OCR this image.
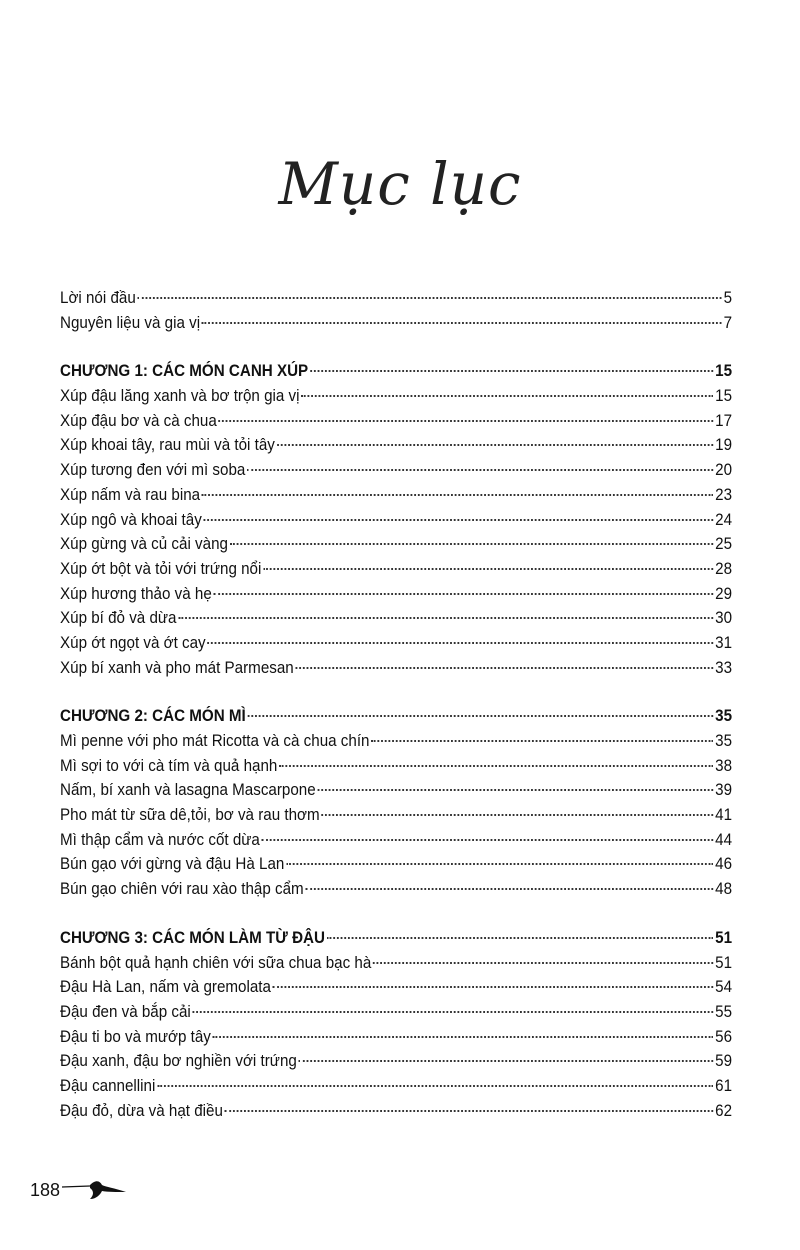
Mục lục
Lời nói đầu	5
Nguyên liệu và gia vị	7
CHƯƠNG 1: CÁC MÓN CANH XÚP	15
Xúp đậu lăng xanh và bơ trộn gia vị	15
Xúp đậu bơ và cà chua	17
Xúp khoai tây, rau mùi và tỏi tây	19
Xúp tương đen với mì soba	20
Xúp nấm và rau bina	23
Xúp ngô và khoai tây	24
Xúp gừng và củ cải vàng	25
Xúp ớt bột và tỏi với trứng nổi	28
Xúp hương thảo và hẹ	29
Xúp bí đỏ và dừa	30
Xúp ớt ngọt và ớt cay	31
Xúp bí xanh và pho mát Parmesan	33
CHƯƠNG 2: CÁC MÓN MÌ	35
Mì penne với pho mát Ricotta và cà chua chín	35
Mì sợi to với cà tím và quả hạnh	38
Nấm, bí xanh và lasagna Mascarpone	39
Pho mát từ sữa dê,tỏi, bơ và rau thơm	41
Mì thập cẩm và nước cốt dừa	44
Bún gạo với gừng và đậu Hà Lan	46
Bún gạo chiên với rau xào thập cẩm	48
CHƯƠNG 3: CÁC MÓN LÀM TỪ ĐẬU	51
Bánh bột quả hạnh chiên với sữa chua bạc hà	51
Đậu Hà Lan, nấm và gremolata	54
Đậu đen và bắp cải	55
Đậu ti bo và mướp tây	56
Đậu xanh, đậu bơ nghiền với trứng	59
Đậu cannellini	61
Đậu đỏ, dừa và hạt điều	62
188
